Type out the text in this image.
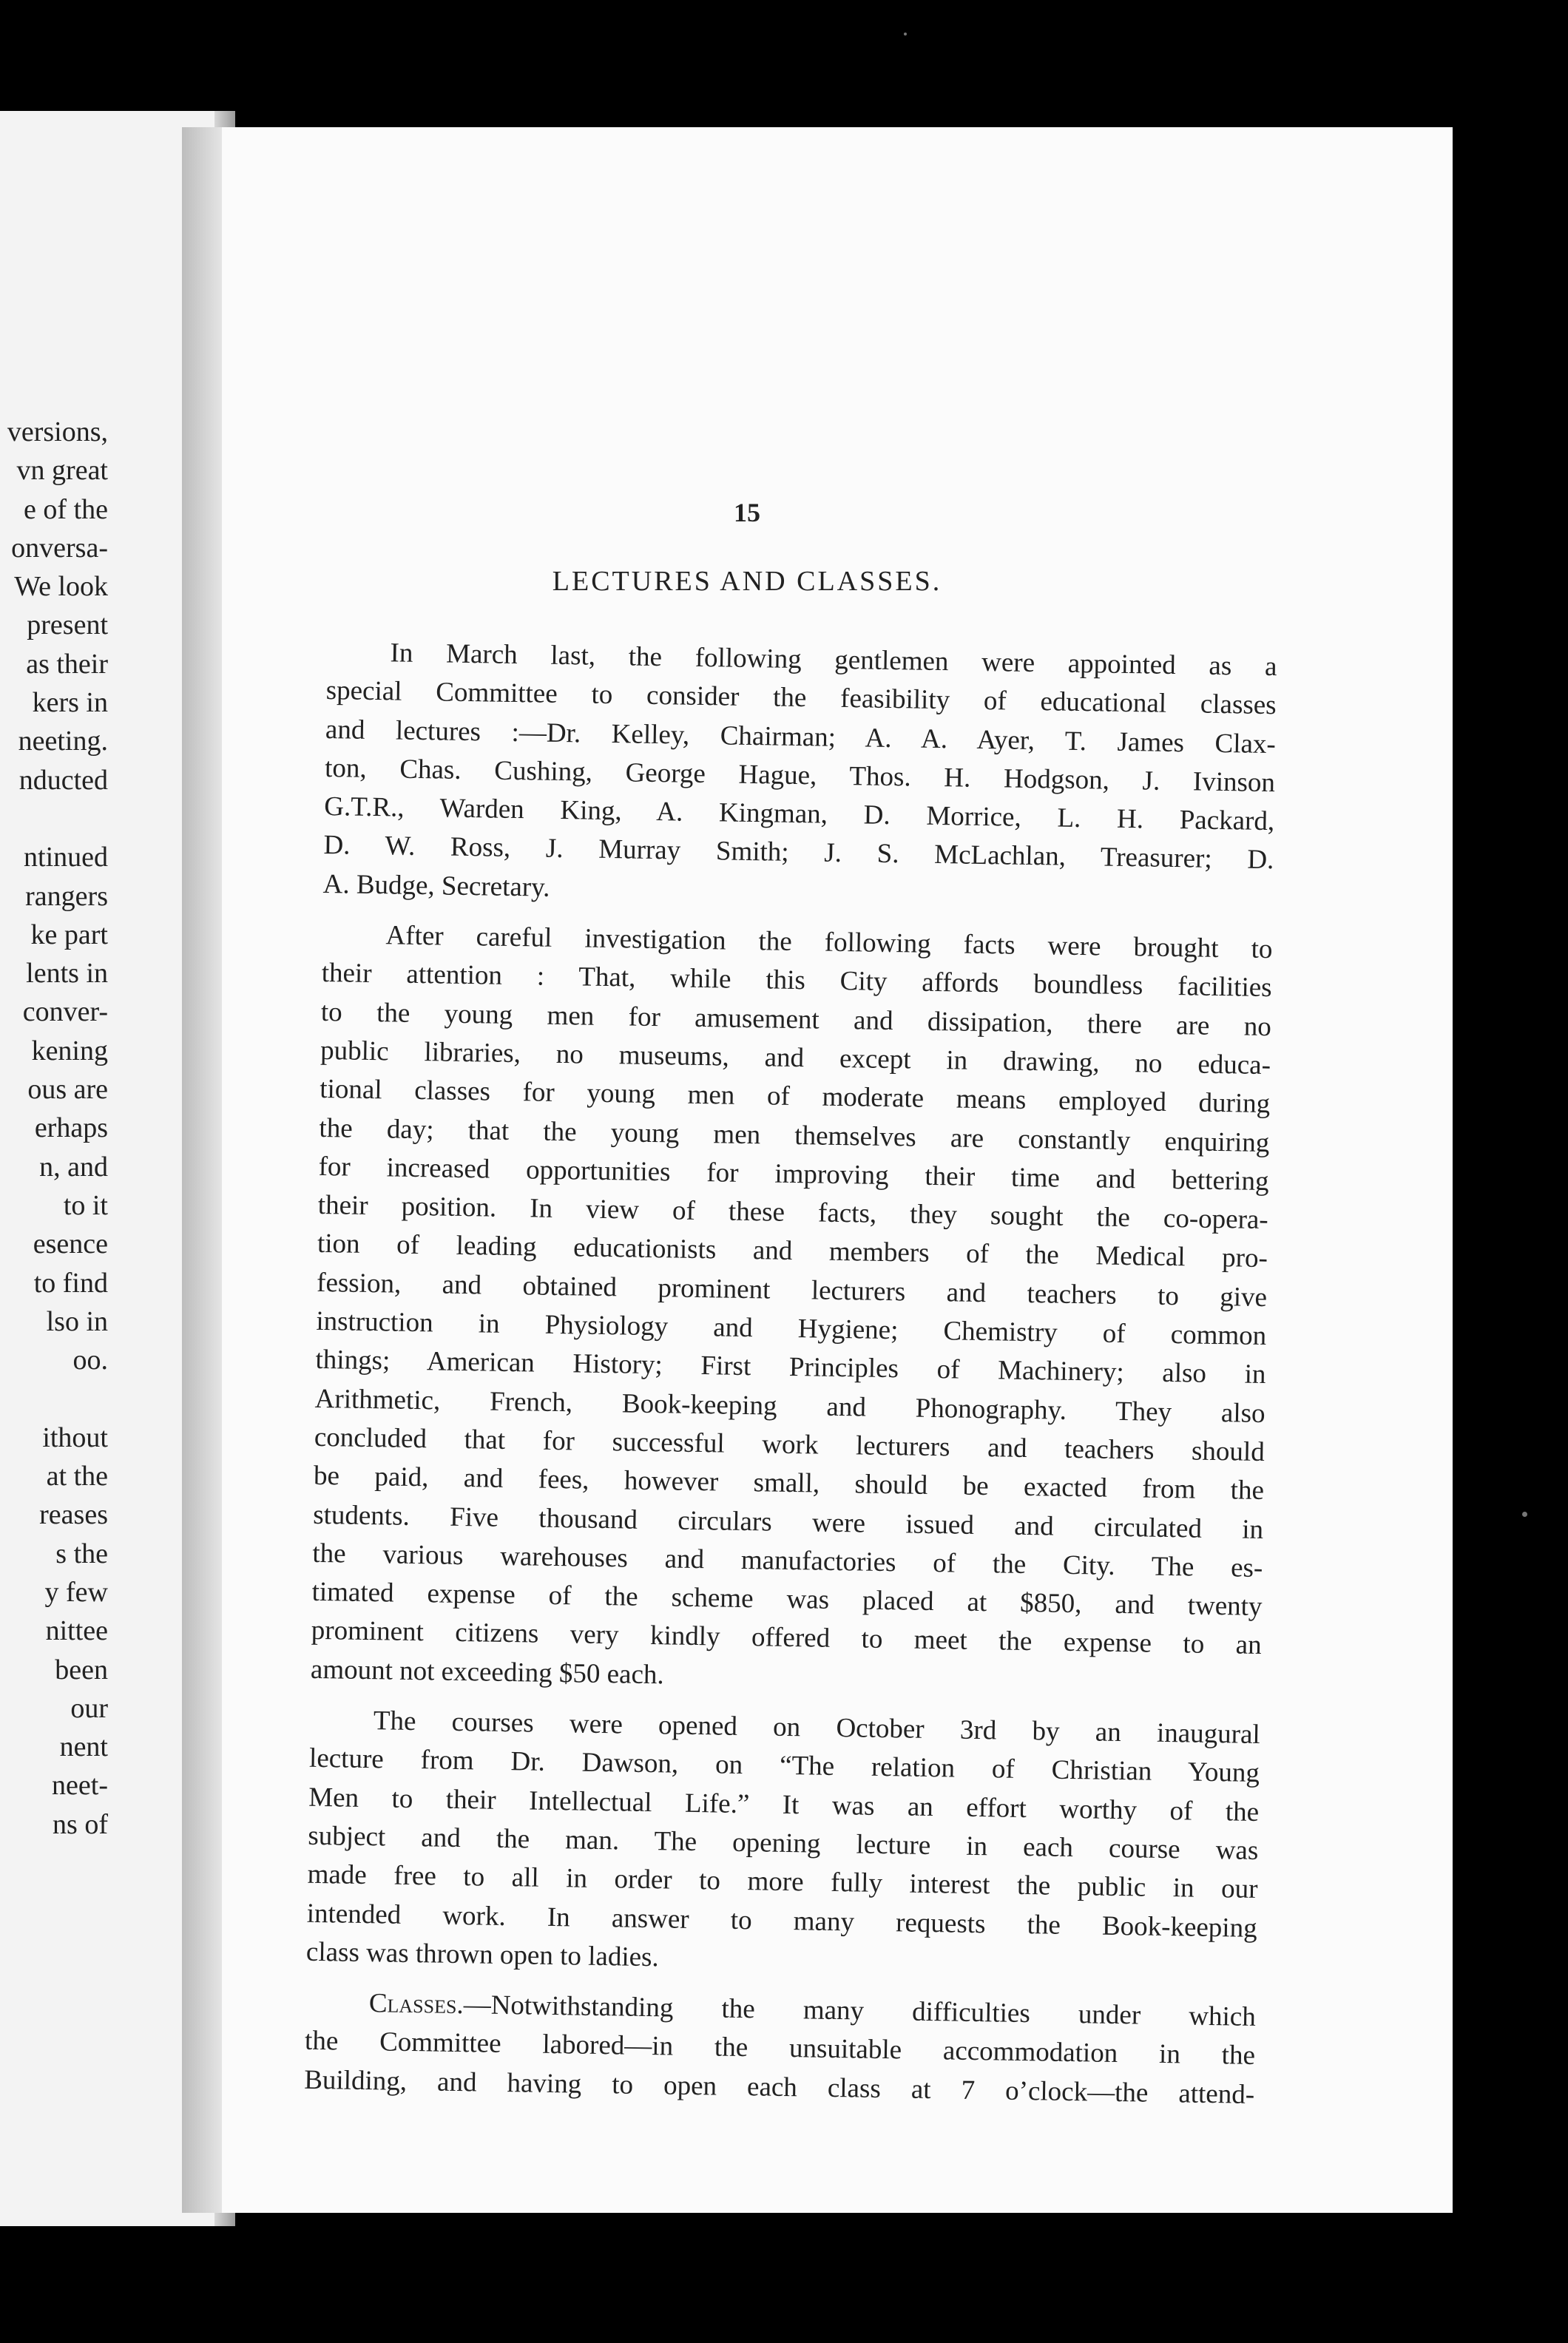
versions,
vn great
e of the
onversa-
We look
present
as their
kers in
neeting.
nducted
ntinued
rangers
ke part
lents in
conver-
kening
ous are
erhaps
n, and
to it
esence
to find
lso in
oo.
ithout
at the
reases
s the
y few
nittee
been
our
nent
neet-
ns of
15
LECTURES AND CLASSES.
In March last, the following gentlemen were appointed as a
special Committee to consider the feasibility of educational classes
and lectures :—Dr. Kelley, Chairman; A. A. Ayer, T. James Clax-
ton, Chas. Cushing, George Hague, Thos. H. Hodgson, J. Ivinson
G.T.R., Warden King, A. Kingman, D. Morrice, L. H. Packard,
D. W. Ross, J. Murray Smith; J. S. McLachlan, Treasurer; D.
A. Budge, Secretary.
After careful investigation the following facts were brought to
their attention : That, while this City affords boundless facilities
to the young men for amusement and dissipation, there are no
public libraries, no museums, and except in drawing, no educa-
tional classes for young men of moderate means employed during
the day; that the young men themselves are constantly enquiring
for increased opportunities for improving their time and bettering
their position. In view of these facts, they sought the co-opera-
tion of leading educationists and members of the Medical pro-
fession, and obtained prominent lecturers and teachers to give
instruction in Physiology and Hygiene; Chemistry of common
things; American History; First Principles of Machinery; also in
Arithmetic, French, Book-keeping and Phonography. They also
concluded that for successful work lecturers and teachers should
be paid, and fees, however small, should be exacted from the
students. Five thousand circulars were issued and circulated in
the various warehouses and manufactories of the City. The es-
timated expense of the scheme was placed at $850, and twenty
prominent citizens very kindly offered to meet the expense to an
amount not exceeding $50 each.
The courses were opened on October 3rd by an inaugural
lecture from Dr. Dawson, on “The relation of Christian Young
Men to their Intellectual Life.” It was an effort worthy of the
subject and the man. The opening lecture in each course was
made free to all in order to more fully interest the public in our
intended work. In answer to many requests the Book-keeping
class was thrown open to ladies.
Classes.—Notwithstanding the many difficulties under which
the Committee labored—in the unsuitable accommodation in the
Building, and having to open each class at 7 o’clock—the attend-
